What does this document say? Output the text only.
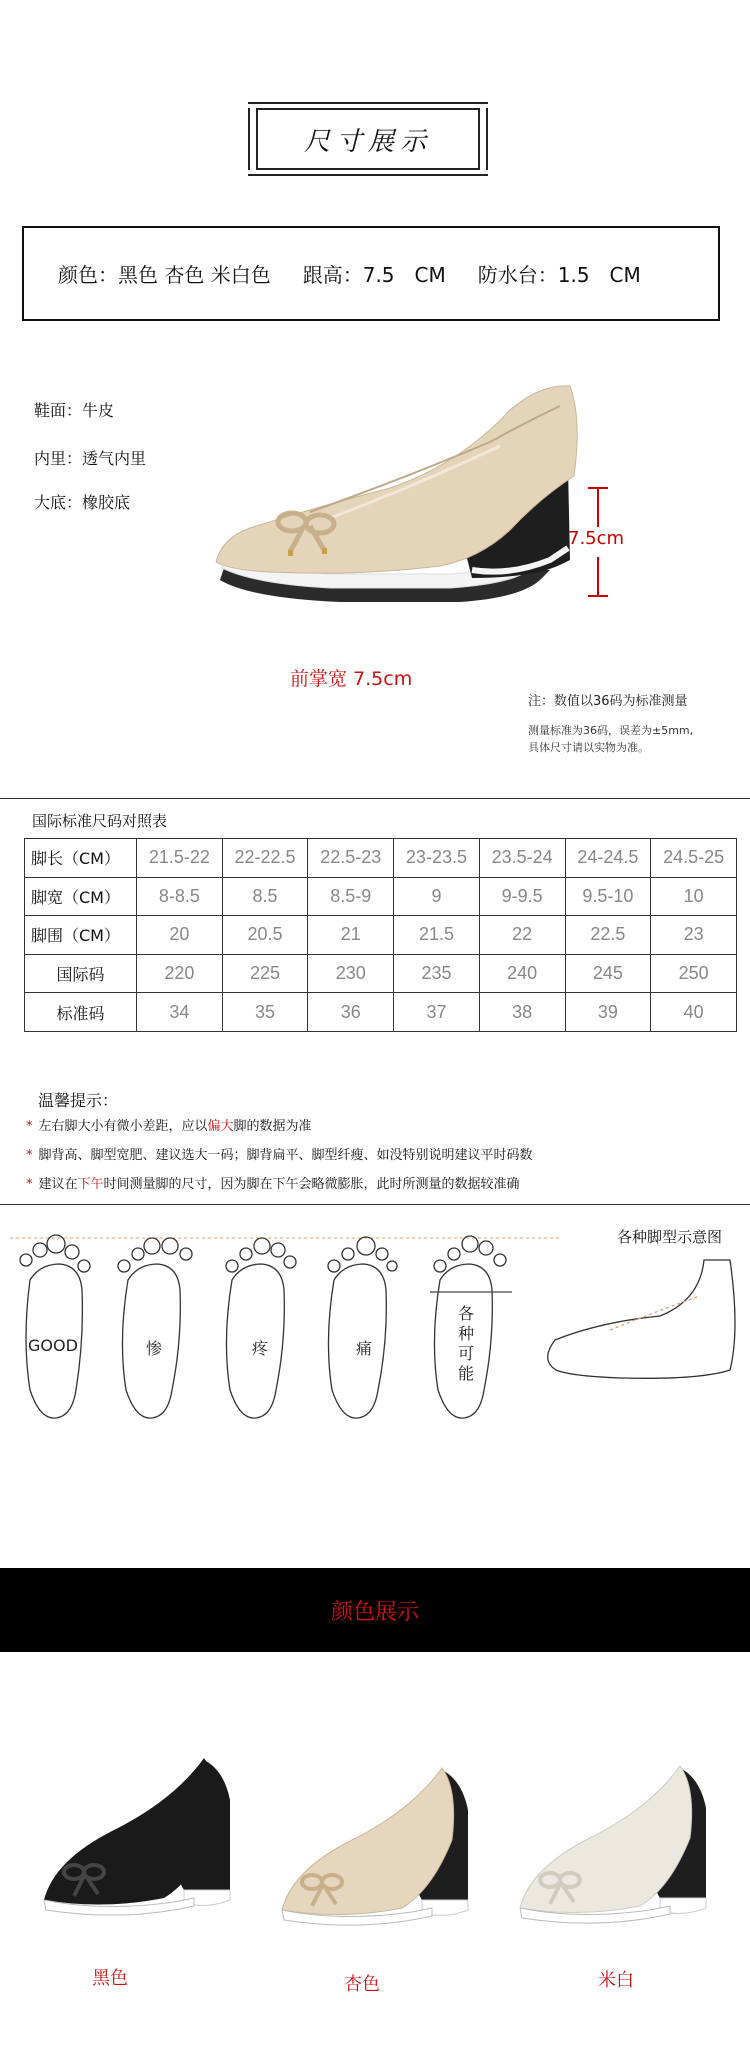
尺寸展示
颜色：黑色 杏色 米白色 跟高：7.5　CM 防水台：1.5　CM
鞋面：牛皮
内里：透气内里
大底：橡胶底
7.5cm
前掌宽 7.5cm
注：数值以36码为标准测量
测量标准为36码，误差为±5mm,
具体尺寸请以实物为准。
国际标准尺码对照表
脚长（CM）	21.5-22	22-22.5	22.5-23	23-23.5	23.5-24	24-24.5	24.5-25
脚宽（CM）	8-8.5	8.5	8.5-9	9	9-9.5	9.5-10	10
脚围（CM）	20	20.5	21	21.5	22	22.5	23
国际码	220	225	230	235	240	245	250
标准码	34	35	36	37	38	39	40
温馨提示：
* 左右脚大小有微小差距，应以偏大脚的数据为准
* 脚背高、脚型宽肥、建议选大一码；脚背扁平、脚型纤瘦、如没特别说明建议平时码数
* 建议在下午时间测量脚的尺寸，因为脚在下午会略微膨胀，此时所测量的数据较准确
各种脚型示意图
GOOD	惨	疼	痛
各种可能
颜色展示
黑色	杏色	米白
